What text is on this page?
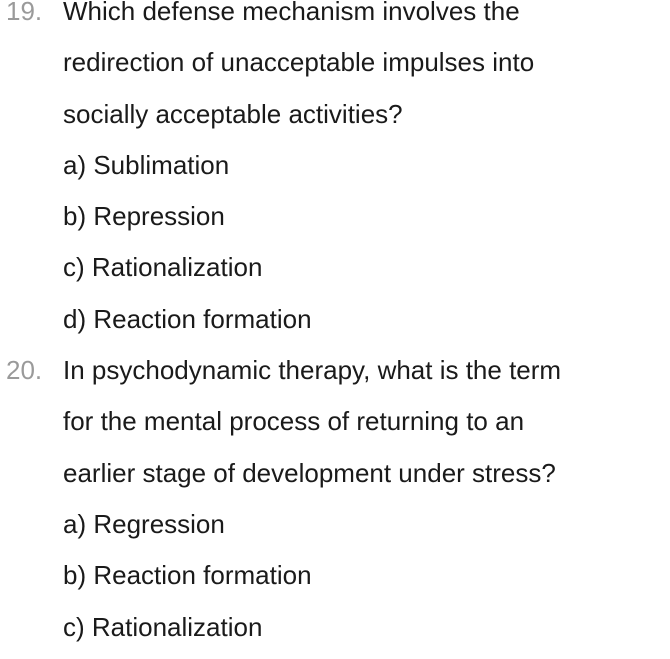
19. Which defense mechanism involves the
redirection of unacceptable impulses into
socially acceptable activities?
a) Sublimation
b) Repression
c) Rationalization
d) Reaction formation
20. In psychodynamic therapy, what is the term
for the mental process of returning to an
earlier stage of development under stress?
a) Regression
b) Reaction formation
c) Rationalization
